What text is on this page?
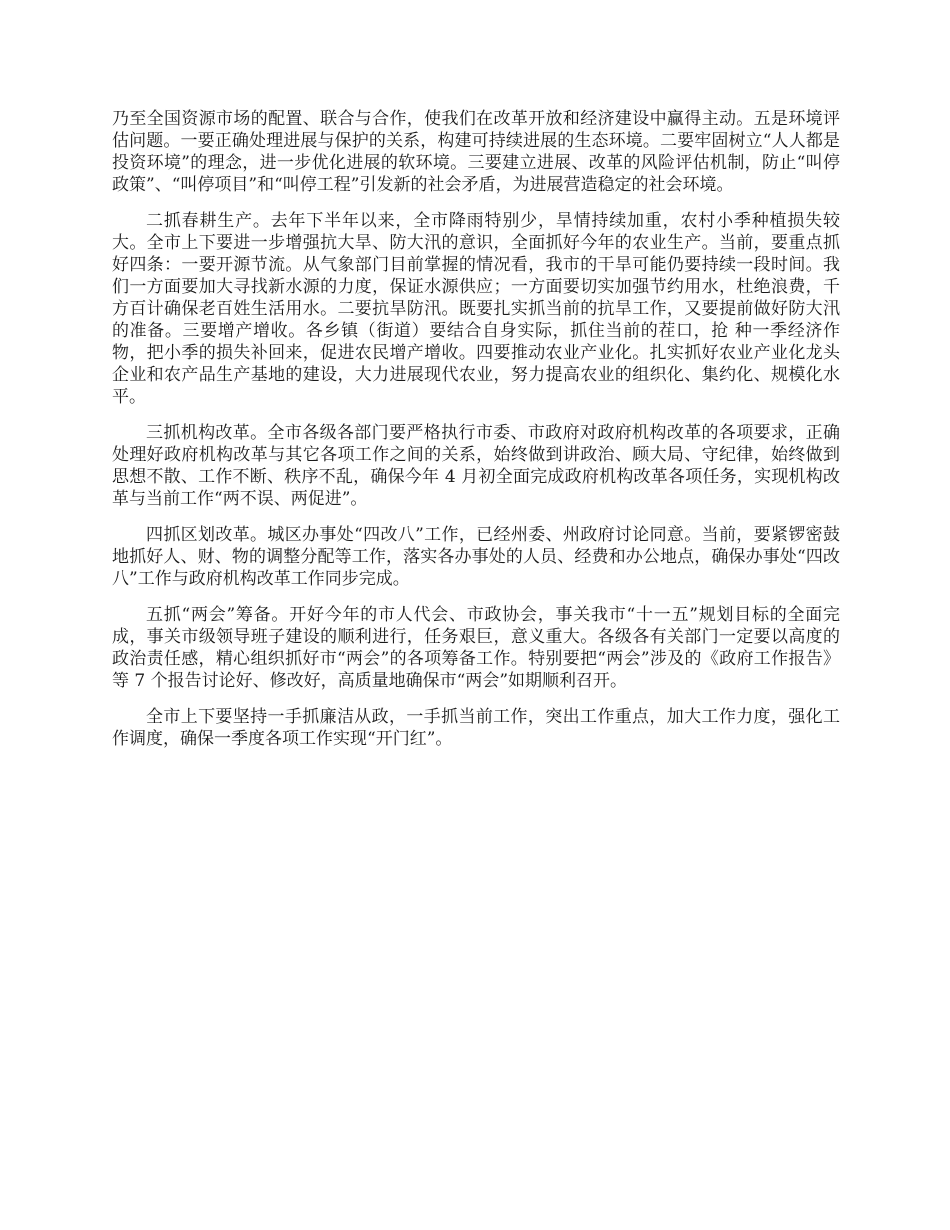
乃至全国资源市场的配置、联合与合作，使我们在改革开放和经济建设中赢得主动。五是环境评估问题。一要正确处理进展与保护的关系，构建可持续进展的生态环境。二要牢固树立“人人都是投资环境”的理念，进一步优化进展的软环境。三要建立进展、改革的风险评估机制，防止“叫停政策”、“叫停项目”和“叫停工程”引发新的社会矛盾，为进展营造稳定的社会环境。

二抓春耕生产。去年下半年以来，全市降雨特别少，旱情持续加重，农村小季种植损失较大。全市上下要进一步增强抗大旱、防大汛的意识，全面抓好今年的农业生产。当前，要重点抓好四条：一要开源节流。从气象部门目前掌握的情况看，我市的干旱可能仍要持续一段时间。我们一方面要加大寻找新水源的力度，保证水源供应；一方面要切实加强节约用水，杜绝浪费，千方百计确保老百姓生活用水。二要抗旱防汛。既要扎实抓当前的抗旱工作，又要提前做好防大汛的准备。三要增产增收。各乡镇（街道）要结合自身实际，抓住当前的茬口，抢 种一季经济作物，把小季的损失补回来，促进农民增产增收。四要推动农业产业化。扎实抓好农业产业化龙头企业和农产品生产基地的建设，大力进展现代农业，努力提高农业的组织化、集约化、规模化水平。

三抓机构改革。全市各级各部门要严格执行市委、市政府对政府机构改革的各项要求，正确处理好政府机构改革与其它各项工作之间的关系，始终做到讲政治、顾大局、守纪律，始终做到思想不散、工作不断、秩序不乱，确保今年 4 月初全面完成政府机构改革各项任务，实现机构改革与当前工作“两不误、两促进”。

四抓区划改革。城区办事处“四改八”工作，已经州委、州政府讨论同意。当前，要紧锣密鼓地抓好人、财、物的调整分配等工作，落实各办事处的人员、经费和办公地点，确保办事处“四改八”工作与政府机构改革工作同步完成。

五抓“两会”筹备。开好今年的市人代会、市政协会，事关我市“十一五”规划目标的全面完成，事关市级领导班子建设的顺利进行，任务艰巨，意义重大。各级各有关部门一定要以高度的政治责任感，精心组织抓好市“两会”的各项筹备工作。特别要把“两会”涉及的《政府工作报告》等 7 个报告讨论好、修改好，高质量地确保市“两会”如期顺利召开。

全市上下要坚持一手抓廉洁从政，一手抓当前工作，突出工作重点，加大工作力度，强化工作调度，确保一季度各项工作实现“开门红”。
